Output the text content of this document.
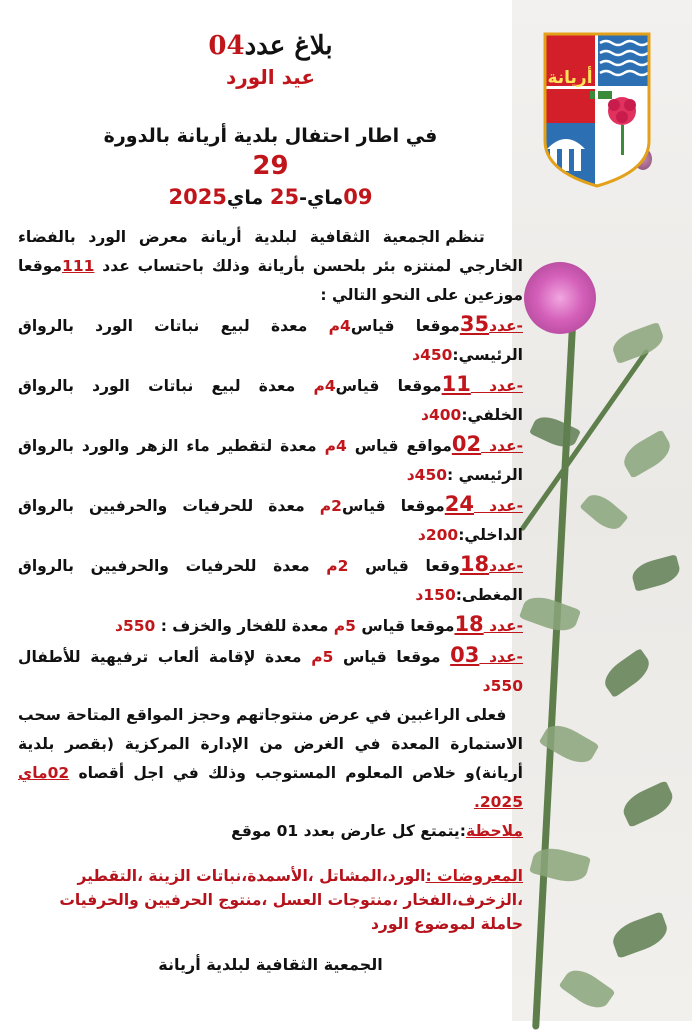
أريانة
بلاغ عدد04
عيد الورد
في اطار احتفال بلدية أريانة بالدورة
29
09ماي-25 ماي2025

تنظم الجمعية الثقافية لبلدية أريانة معرض الورد بالفضاء الخارجي لمنتزه بئر بلحسن بأريانة وذلك باحتساب عدد 111موقعا موزعين على النحو التالي :

-عدد35موقعا قياس4م معدة لبيع نباتات الورد بالرواق الرئيسي:450د

-عدد 11موقعا قياس4م معدة لبيع نباتات الورد بالرواق الخلفي:400د

-عدد 02مواقع قياس 4م معدة لتقطير ماء الزهر والورد بالرواق الرئيسي :450د

-عدد 24موقعا قياس2م معدة للحرفيات والحرفيين بالرواق الداخلي:200د

-عدد18وقعا قياس 2م معدة للحرفيات والحرفيين بالرواق المغطى:150د

-عدد 18موقعا قياس 5م معدة للفخار والخزف : 550د

-عدد 03 موقعا قياس 5م معدة لإقامة ألعاب ترفيهية للأطفال 550د

فعلى الراغبين في عرض منتوجاتهم وحجز المواقع المتاحة سحب الاستمارة المعدة في الغرض من الإدارة المركزية (بقصر بلدية أريانة)و خلاص المعلوم المستوجب وذلك في اجل أقصاه 02ماي 2025.

ملاحظة:يتمتع كل عارض بعدد 01 موقع
المعروضات :الورد،المشاتل ،الأسمدة،نباتات الزينة ،التقطير ،الزخرف،الفخار ،منتوجات العسل ،منتوج الحرفيين والحرفيات حاملة لموضوع الورد
الجمعية الثقافية لبلدية أريانة
